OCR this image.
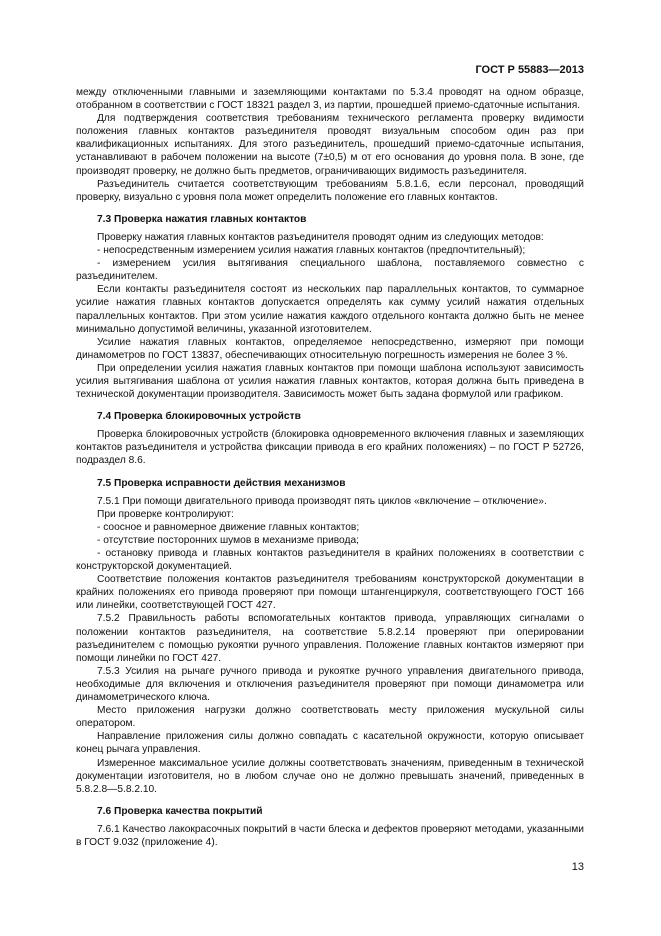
ГОСТ Р 55883—2013

между отключенными главными и заземляющими контактами по 5.3.4 проводят на одном образце, отобранном в соответствии с ГОСТ 18321 раздел 3, из партии, прошедшей приемо-сдаточные испытания.

Для подтверждения соответствия требованиям технического регламента проверку видимости положения главных контактов разъединителя проводят визуальным способом один раз при квалификационных испытаниях. Для этого разъединитель, прошедший приемо-сдаточные испытания, устанавливают в рабочем положении на высоте (7±0,5) м от его основания до уровня пола. В зоне, где производят проверку, не должно быть предметов, ограничивающих видимость разъединителя.

Разъединитель считается соответствующим требованиям 5.8.1.6, если персонал, проводящий проверку, визуально с уровня пола может определить положение его главных контактов.

7.3 Проверка нажатия главных контактов

Проверку нажатия главных контактов разъединителя проводят одним из следующих методов:

- непосредственным измерением усилия нажатия главных контактов (предпочтительный);

- измерением усилия вытягивания специального шаблона, поставляемого совместно с разъединителем.

Если контакты разъединителя состоят из нескольких пар параллельных контактов, то суммарное усилие нажатия главных контактов допускается определять как сумму усилий нажатия отдельных параллельных контактов. При этом усилие нажатия каждого отдельного контакта должно быть не менее минимально допустимой величины, указанной изготовителем.

Усилие нажатия главных контактов, определяемое непосредственно, измеряют при помощи динамометров по ГОСТ 13837, обеспечивающих относительную погрешность измерения не более 3 %.

При определении усилия нажатия главных контактов при помощи шаблона используют зависимость усилия вытягивания шаблона от усилия нажатия главных контактов, которая должна быть приведена в технической документации производителя. Зависимость может быть задана формулой или графиком.

7.4 Проверка блокировочных устройств

Проверка блокировочных устройств (блокировка одновременного включения главных и заземляющих контактов разъединителя и устройства фиксации привода в его крайних положениях) – по ГОСТ Р 52726, подраздел 8.6.

7.5 Проверка исправности действия механизмов

7.5.1 При помощи двигательного привода производят пять циклов «включение – отключение».

При проверке контролируют:

- соосное и равномерное движение главных контактов;

- отсутствие посторонних шумов в механизме привода;

- остановку привода и главных контактов разъединителя в крайних положениях в соответствии с конструкторской документацией.

Соответствие положения контактов разъединителя требованиям конструкторской документации в крайних положениях его привода проверяют при помощи штангенциркуля, соответствующего ГОСТ 166 или линейки, соответствующей ГОСТ 427.

7.5.2 Правильность работы вспомогательных контактов привода, управляющих сигналами о положении контактов разъединителя, на соответствие 5.8.2.14 проверяют при оперировании разъединителем с помощью рукоятки ручного управления. Положение главных контактов измеряют при помощи линейки по ГОСТ 427.

7.5.3 Усилия на рычаге ручного привода и рукоятке ручного управления двигательного привода, необходимые для включения и отключения разъединителя проверяют при помощи динамометра или динамометрического ключа.

Место приложения нагрузки должно соответствовать месту приложения мускульной силы оператором.

Направление приложения силы должно совпадать с касательной окружности, которую описывает конец рычага управления.

Измеренное максимальное усилие должны соответствовать значениям, приведенным в технической документации изготовителя, но в любом случае оно не должно превышать значений, приведенных в 5.8.2.8—5.8.2.10.

7.6 Проверка качества покрытий

7.6.1 Качество лакокрасочных покрытий в части блеска и дефектов проверяют методами, указанными в ГОСТ 9.032 (приложение 4).

13
